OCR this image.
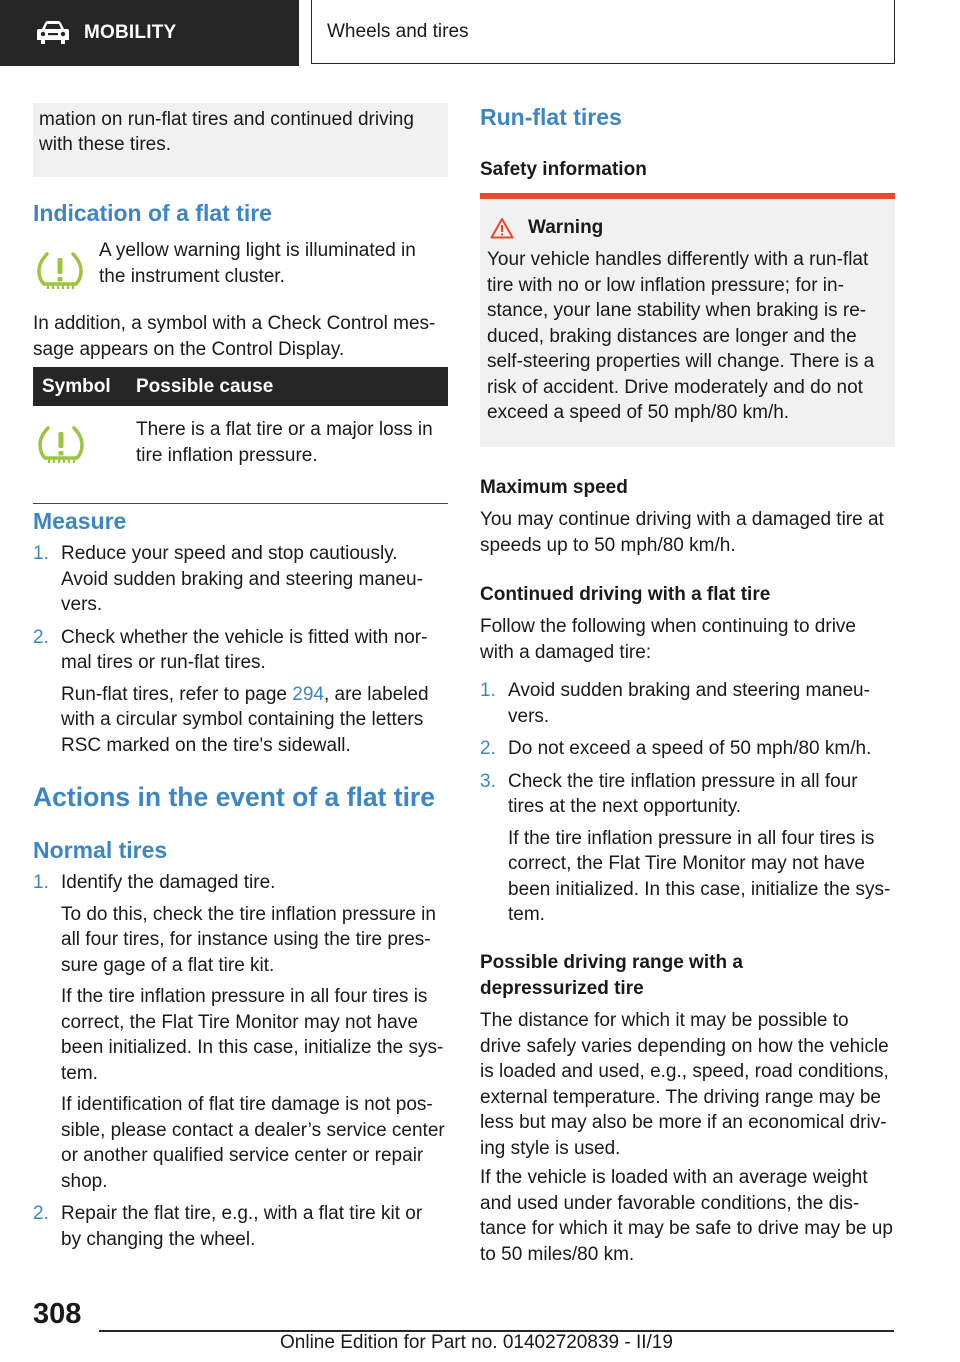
MOBILITY	Wheels and tires
mation on run-flat tires and continued driving with these tires.
Indication of a flat tire

A yellow warning light is illuminated in the instrument cluster.

In addition, a symbol with a Check Control mes-sage appears on the Control Display.

Symbol	Possible cause
	There is a flat tire or a major loss in tire inflation pressure.
Measure
1. Reduce your speed and stop cautiously. Avoid sudden braking and steering maneu-vers.
2. Check whether the vehicle is fitted with nor-mal tires or run-flat tires.
Run-flat tires, refer to page 294, are labeled with a circular symbol containing the letters RSC marked on the tire's sidewall.
Actions in the event of a flat tire
Normal tires
1. Identify the damaged tire.
To do this, check the tire inflation pressure in all four tires, for instance using the tire pres-sure gage of a flat tire kit.
If the tire inflation pressure in all four tires is correct, the Flat Tire Monitor may not have been initialized. In this case, initialize the sys-tem.
If identification of flat tire damage is not pos-sible, please contact a dealer’s service center or another qualified service center or repair shop.
2. Repair the flat tire, e.g., with a flat tire kit or by changing the wheel.
Run-flat tires

Safety information

Warning

Your vehicle handles differently with a run-flat tire with no or low inflation pressure; for in-stance, your lane stability when braking is re-duced, braking distances are longer and the self-steering properties will change. There is a risk of accident. Drive moderately and do not exceed a speed of 50 mph/80 km/h.

Maximum speed

You may continue driving with a damaged tire at speeds up to 50 mph/80 km/h.

Continued driving with a flat tire

Follow the following when continuing to drive with a damaged tire:

1. Avoid sudden braking and steering maneu-vers.
2. Do not exceed a speed of 50 mph/80 km/h.
3. Check the tire inflation pressure in all four tires at the next opportunity.
If the tire inflation pressure in all four tires is correct, the Flat Tire Monitor may not have been initialized. In this case, initialize the sys-tem.

Possible driving range with a depressurized tire

The distance for which it may be possible to drive safely varies depending on how the vehicle is loaded and used, e.g., speed, road conditions, external temperature. The driving range may be less but may also be more if an economical driv-ing style is used.

If the vehicle is loaded with an average weight and used under favorable conditions, the dis-tance for which it may be safe to drive may be up to 50 miles/80 km.

308
Online Edition for Part no. 01402720839 - II/19
